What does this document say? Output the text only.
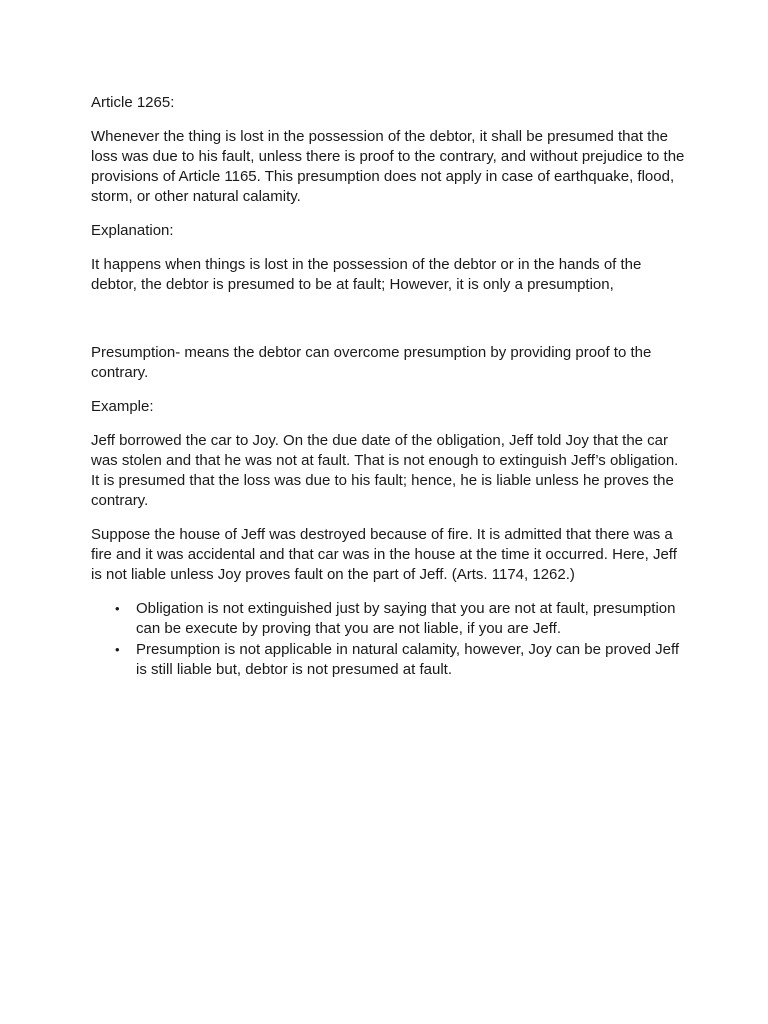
Article 1265:

Whenever the thing is lost in the possession of the debtor, it shall be presumed that the loss was due to his fault, unless there is proof to the contrary, and without prejudice to the provisions of Article 1165. This presumption does not apply in case of earthquake, flood, storm, or other natural calamity.

Explanation:

It happens when things is lost in the possession of the debtor or in the hands of the debtor, the debtor is presumed to be at fault; However, it is only a presumption,

Presumption- means the debtor can overcome presumption by providing proof to the contrary.

Example:

Jeff borrowed the car to Joy. On the due date of the obligation, Jeff told Joy that the car was stolen and that he was not at fault. That is not enough to extinguish Jeff’s obligation. It is presumed that the loss was due to his fault; hence, he is liable unless he proves the contrary.

Suppose the house of Jeff was destroyed because of fire. It is admitted that there was a fire and it was accidental and that car was in the house at the time it occurred. Here, Jeff is not liable unless Joy proves fault on the part of Jeff. (Arts. 1174, 1262.)

• Obligation is not extinguished just by saying that you are not at fault, presumption can be execute by proving that you are not liable, if you are Jeff.
• Presumption is not applicable in natural calamity, however, Joy can be proved Jeff is still liable but, debtor is not presumed at fault.
